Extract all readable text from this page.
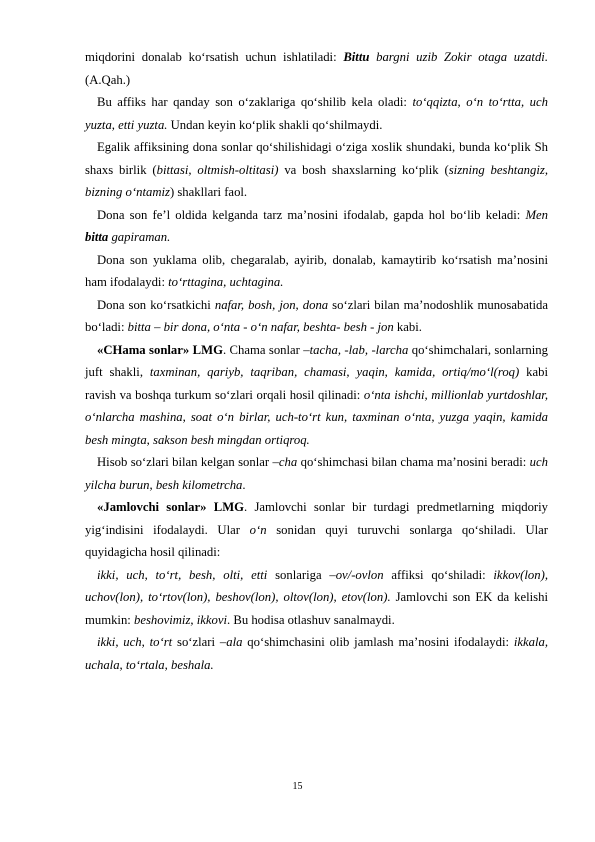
miqdorini donalab ko‘rsatish uchun ishlatiladi: Bittu bargni uzib Zokir otaga uzatdi. (A.Qah.)

Bu affiks har qanday son o‘zaklariga qo‘shilib kela oladi: to‘qqizta, o‘n to‘rtta, uch yuzta, etti yuzta. Undan keyin ko‘plik shakli qo‘shilmaydi.

Egalik affiksining dona sonlar qo‘shilishidagi o‘ziga xoslik shundaki, bunda ko‘plik Sh shaxs birlik (bittasi, oltmish-oltitasi) va bosh shaxslarning ko‘plik (sizning beshtangiz, bizning o‘ntamiz) shakllari faol.

Dona son fe’l oldida kelganda tarz ma’nosini ifodalab, gapda hol bo‘lib keladi: Men bitta gapiraman.

Dona son yuklama olib, chegaralab, ayirib, donalab, kamaytirib ko‘rsatish ma’nosini ham ifodalaydi: to‘rttagina, uchtagina.

Dona son ko‘rsatkichi nafar, bosh, jon, dona so‘zlari bilan ma’nodoshlik munosabatida bo‘ladi: bitta – bir dona, o‘nta - o‘n nafar, beshta- besh - jon kabi.

«CHama sonlar» LMG. Chama sonlar –tacha, -lab, -larcha qo‘shimchalari, sonlarning juft shakli, taxminan, qariyb, taqriban, chamasi, yaqin, kamida, ortiq/mo‘l(roq) kabi ravish va boshqa turkum so‘zlari orqali hosil qilinadi: o‘nta ishchi, millionlab yurtdoshlar, o‘nlarcha mashina, soat o‘n birlar, uch-to‘rt kun, taxminan o‘nta, yuzga yaqin, kamida besh mingta, sakson besh mingdan ortiqroq.

Hisob so‘zlari bilan kelgan sonlar –cha qo‘shimchasi bilan chama ma’nosini beradi: uch yilcha burun, besh kilometrcha.

«Jamlovchi sonlar» LMG. Jamlovchi sonlar bir turdagi predmetlarning miqdoriy yig‘indisini ifodalaydi. Ular o‘n sonidan quyi turuvchi sonlarga qo‘shiladi. Ular quyidagicha hosil qilinadi:

ikki, uch, to‘rt, besh, olti, etti sonlariga –ov/-ovlon affiksi qo‘shiladi: ikkov(lon), uchov(lon), to‘rtov(lon), beshov(lon), oltov(lon), etov(lon). Jamlovchi son EK da kelishi mumkin: beshovimiz, ikkovi. Bu hodisa otlashuv sanalmaydi.

ikki, uch, to‘rt so‘zlari –ala qo‘shimchasini olib jamlash ma’nosini ifodalaydi: ikkala, uchala, to‘rtala, beshala.

15
